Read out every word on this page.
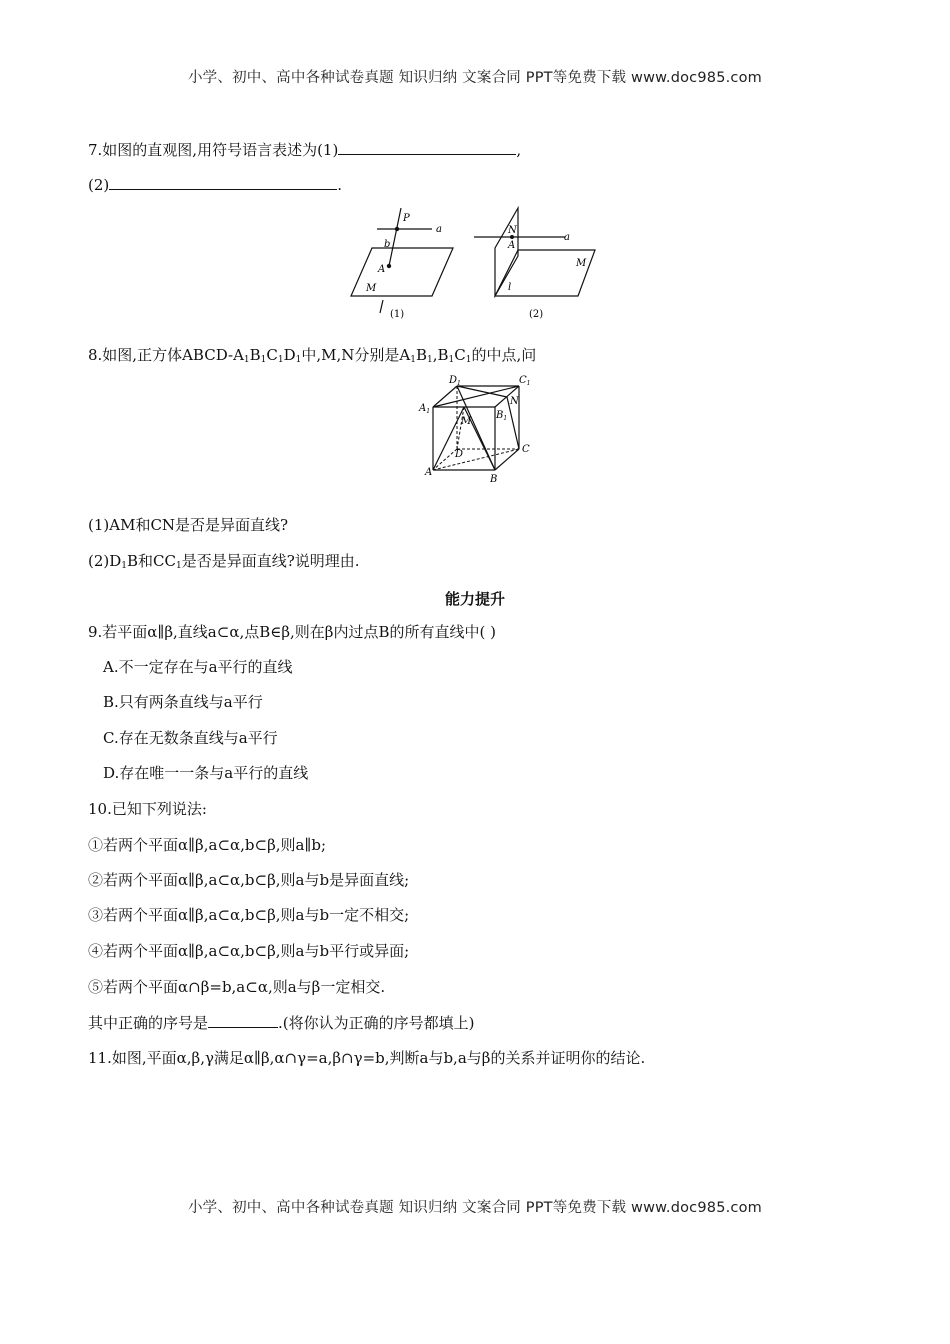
小学、初中、高中各种试卷真题 知识归纳 文案合同 PPT等免费下载 www.doc985.com
7.如图的直观图,用符号语言表述为(1)	,
(2)	.
P
a
b
A
M
N
A
a
M
l
(1)	(2)
8.如图,正方体ABCD-$A_1B_1C_1D_1$中,M,N分别是$A_1B_1,B_1C_1$的中点,问
$D_1$	$C_1$
$A_1$	$B_1$
N
M
D	C
A
B
(1)AM和CN是否是异面直线?
$(2)D_1B$和$CC_1$是否是异面直线?说明理由.
能力提升
9.若平面α∥β,直线a⊂α,点B∈β,则在β内过点B的所有直线中( )
A.不一定存在与a平行的直线
B.只有两条直线与a平行
C.存在无数条直线与a平行
D.存在唯一一条与a平行的直线
10.已知下列说法:
①若两个平面α∥β,a⊂α,b⊂β,则a∥b;
②若两个平面α∥β,a⊂α,b⊂β,则a与b是异面直线;
③若两个平面α∥β,a⊂α,b⊂β,则a与b一定不相交;
④若两个平面α∥β,a⊂α,b⊂β,则a与b平行或异面;
⑤若两个平面α∩β=b,a⊂α,则a与β一定相交.
其中正确的序号是	.(将你认为正确的序号都填上)
11.如图,平面α,β,γ满足α∥β,α∩γ=a,β∩γ=b,判断a与b,a与β的关系并证明你的结论.
小学、初中、高中各种试卷真题 知识归纳 文案合同 PPT等免费下载 www.doc985.com
